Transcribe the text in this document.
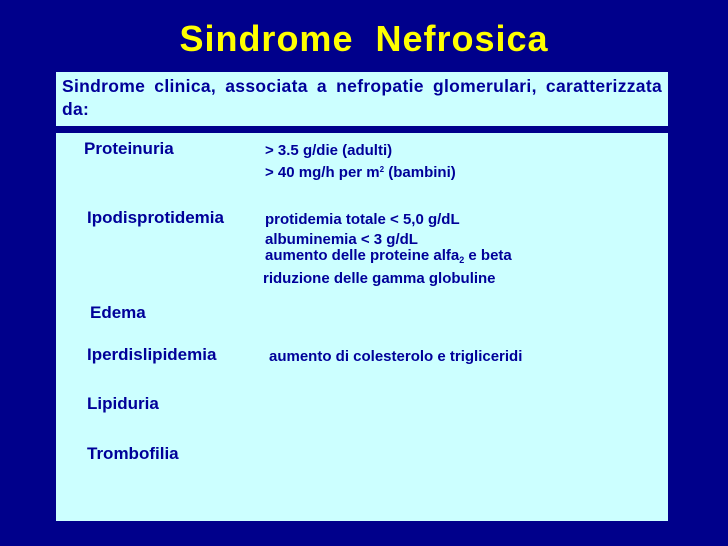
Sindrome  Nefrosica
Sindrome clinica, associata a nefropatie glomerulari, caratterizzata da:
Proteinuria	> 3.5 g/die (adulti)
> 40 mg/h per $m^2$ (bambini)
Ipodisprotidemia	protidemia totale < 5,0 g/dL
albuminemia < 3 g/dL
aumento delle proteine alfa$_2$ e beta
riduzione delle gamma globuline
Edema
Iperdislipidemia	aumento di colesterolo e trigliceridi
Lipiduria
Trombofilia
